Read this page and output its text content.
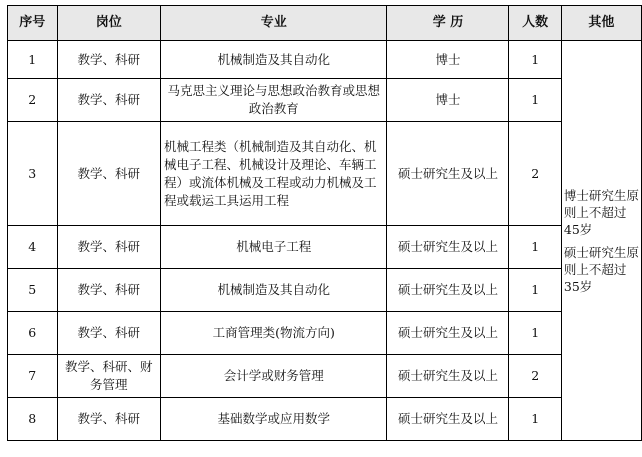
序号	岗位	专业	学 历	人数	其他
1	教学、科研	机械制造及其自动化	博士	1	博士研究生原则上不超过45岁
硕士研究生原则上不超过35岁

2	教学、科研	马克思主义理论与思想政治教育或思想政治教育	博士	1	
3	教学、科研	机械工程类（机械制造及其自动化、机械电子工程、机械设计及理论、车辆工程）或流体机械及工程或动力机械及工程或载运工具运用工程	硕士研究生及以上	2	
4	教学、科研	机械电子工程	硕士研究生及以上	1	
5	教学、科研	机械制造及其自动化	硕士研究生及以上	1	
6	教学、科研	工商管理类(物流方向)	硕士研究生及以上	1	
7	教学、科研、财务管理	会计学或财务管理	硕士研究生及以上	2	
8	教学、科研	基础数学或应用数学	硕士研究生及以上	1	
